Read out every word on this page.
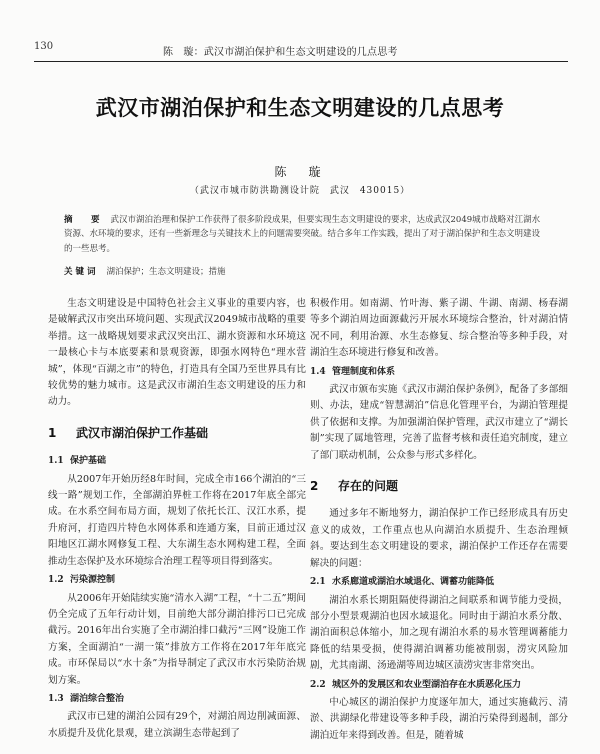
130
陈　璇：武汉市湖泊保护和生态文明建设的几点思考
武汉市湖泊保护和生态文明建设的几点思考
陈　璇
（武汉市城市防洪勘测设计院　武汉　430015）
摘　要 武汉市湖泊治理和保护工作获得了很多阶段成果，但要实现生态文明建设的要求，达成武汉2049城市战略对江湖水资源、水环境的要求，还有一些新理念与关键技术上的问题需要突破。结合多年工作实践，提出了对于湖泊保护和生态文明建设的一些思考。
关键词 湖泊保护；生态文明建设；措施

生态文明建设是中国特色社会主义事业的重要内容，也是破解武汉市突出环境问题、实现武汉2049城市战略的重要举措。这一战略规划要求武汉突出江、湖水资源和水环境这一最核心卡与本底要素和景观资源，即强水网特色“理水营城”，体现“百湖之市”的特色，打造具有全国乃至世界具有比较优势的魅力城市。这是武汉市湖泊生态文明建设的压力和动力。

1 武汉市湖泊保护工作基础
1.1 保护基础

从2007年开始历经8年时间，完成全市166个湖泊的“三线一路”规划工作，全部湖泊界桩工作将在2017年底全部完成。在水系空间布局方面，规划了依托长江、汉江水系，提升府河，打造四片特色水网体系和连通方案，目前正通过汉阳地区江湖水网修复工程、大东湖生态水网构建工程，全面推动生态保护及水环境综合治理工程等项目得到落实。

1.2 污染源控制

从2006年开始陆续实施“清水入湖”工程，“十二五”期间仍全完成了五年行动计划，目前绝大部分湖泊排污口已完成截污。2016年出台实施了全市湖泊排口截污“三网”设施工作方案，全面湖泊“一湖一策”排放方工作将在2017年年底完成。市环保局以“水十条”为指导制定了武汉市水污染防治规划方案。

1.3 湖泊综合整治

武汉市已建的湖泊公园有29个，对湖泊周边削减面源、水质提升及优化景观，建立滨湖生态带起到了

积极作用。如南湖、竹叶海、紫子湖、牛湖、南湖、杨春湖等多个湖泊周边面源截污开展水环境综合整治，针对湖泊情况不同，利用治源、水生态修复、综合整治等多种手段，对湖泊生态环境进行修复和改善。

1.4 管理制度和体系

武汉市颁布实施《武汉市湖泊保护条例》，配备了多部细则、办法，建成“智慧湖泊”信息化管理平台，为湖泊管理提供了依据和支撑。为加强湖泊保护管理，武汉市建立了“湖长制”实现了属地管理，完善了监督考核和责任追究制度，建立了部门联动机制，公众参与形式多样化。

2 存在的问题

通过多年不断地努力，湖泊保护工作已经形成具有历史意义的成效，工作重点也从向湖泊水质提升、生态治理倾斜。要达到生态文明建设的要求，湖泊保护工作还存在需要解决的问题：

2.1 水系廊道或湖泊水域退化、调蓄功能降低

湖泊水系长期阻隔使得湖泊之间联系和调节能力受损，部分小型景观湖泊也因水域退化。同时由于湖泊水系分散、湖泊面积总体缩小，加之现有湖泊水系的易水管理调蓄能力降低的结果受损，使得湖泊调蓄功能被削弱，涝灾风险加剧，尤其南湖、汤逊湖等周边城区渍涝灾害非常突出。

2.2 城区外的发展区和农业型湖泊存在水质恶化压力

中心城区的湖泊保护力度逐年加大，通过实施截污、清淤、洪湖绿化带建设等多种手段，湖泊污染得到遏制，部分湖泊近年来得到改善。但是，随着城
